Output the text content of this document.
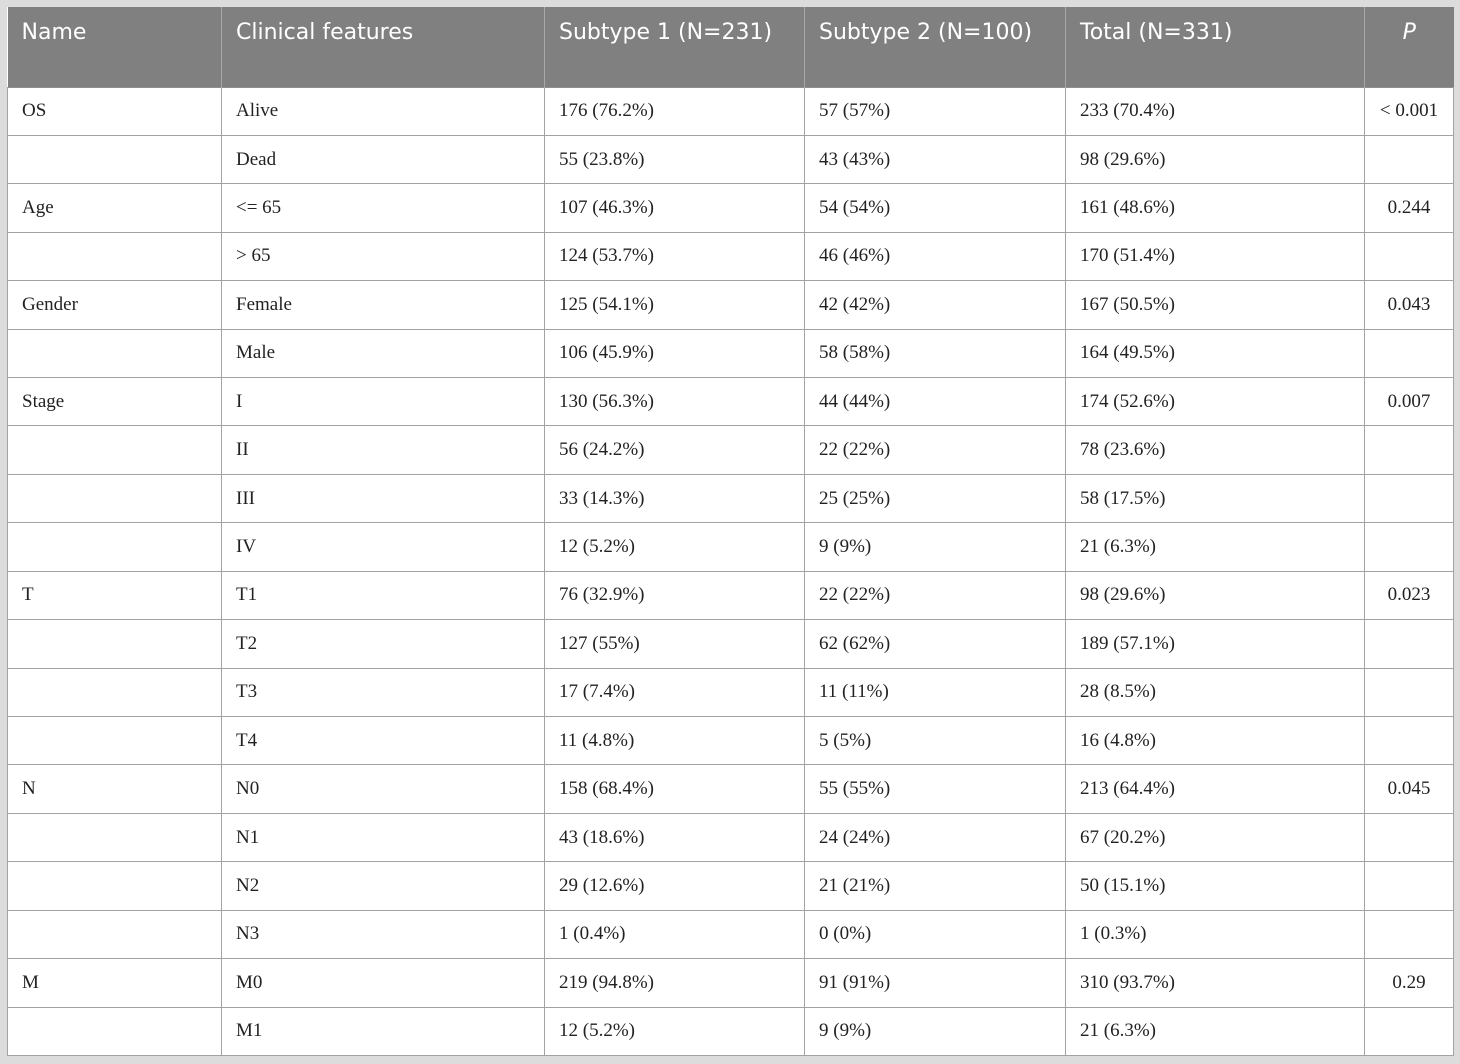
Name	Clinical features	Subtype 1 (N=231)	Subtype 2 (N=100)	Total (N=331)	P
OS	Alive	176 (76.2%)	57 (57%)	233 (70.4%)	< 0.001
	Dead	55 (23.8%)	43 (43%)	98 (29.6%)	
Age	<= 65	107 (46.3%)	54 (54%)	161 (48.6%)	0.244
	> 65	124 (53.7%)	46 (46%)	170 (51.4%)	
Gender	Female	125 (54.1%)	42 (42%)	167 (50.5%)	0.043
	Male	106 (45.9%)	58 (58%)	164 (49.5%)	
Stage	I	130 (56.3%)	44 (44%)	174 (52.6%)	0.007
	II	56 (24.2%)	22 (22%)	78 (23.6%)	
	III	33 (14.3%)	25 (25%)	58 (17.5%)	
	IV	12 (5.2%)	9 (9%)	21 (6.3%)	
T	T1	76 (32.9%)	22 (22%)	98 (29.6%)	0.023
	T2	127 (55%)	62 (62%)	189 (57.1%)	
	T3	17 (7.4%)	11 (11%)	28 (8.5%)	
	T4	11 (4.8%)	5 (5%)	16 (4.8%)	
N	N0	158 (68.4%)	55 (55%)	213 (64.4%)	0.045
	N1	43 (18.6%)	24 (24%)	67 (20.2%)	
	N2	29 (12.6%)	21 (21%)	50 (15.1%)	
	N3	1 (0.4%)	0 (0%)	1 (0.3%)	
M	M0	219 (94.8%)	91 (91%)	310 (93.7%)	0.29
	M1	12 (5.2%)	9 (9%)	21 (6.3%)	
